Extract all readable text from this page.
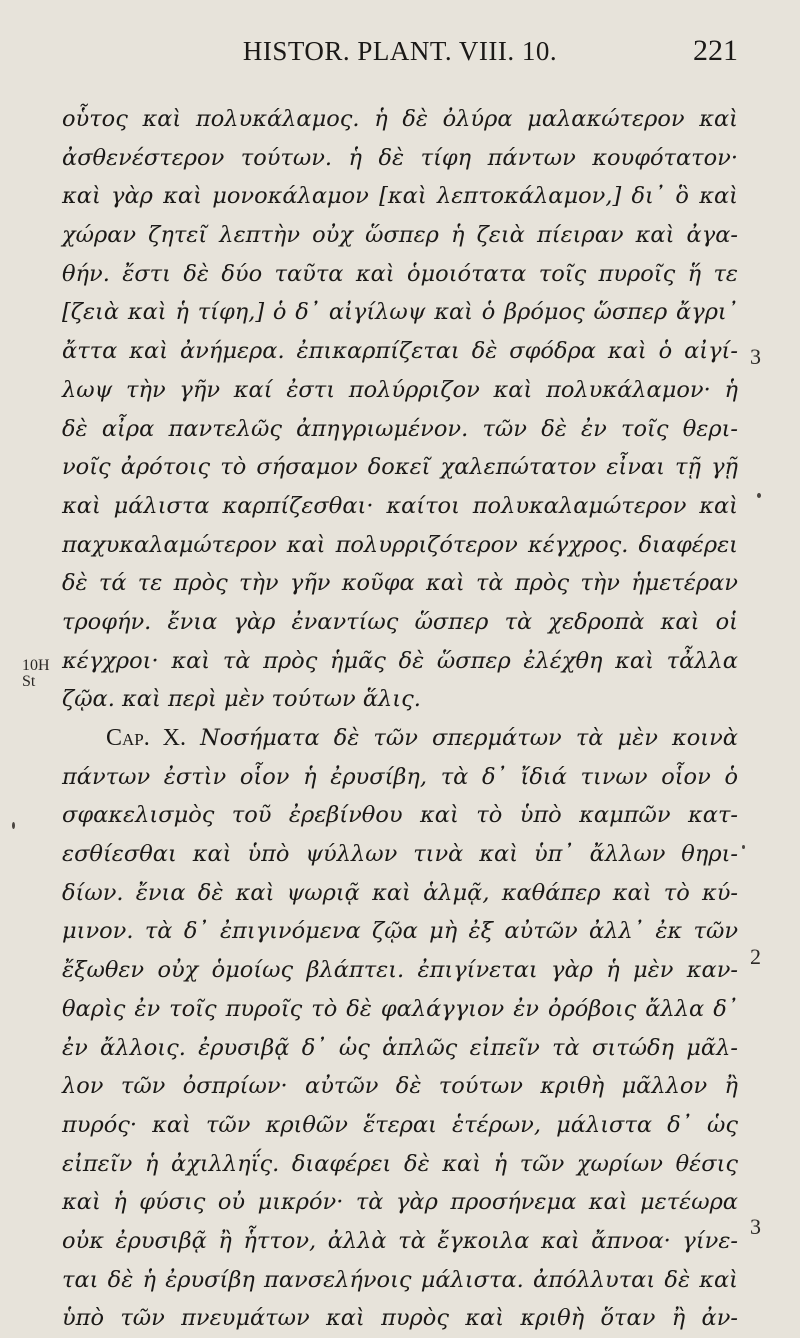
HISTOR. PLANT. VIII. 10.	221
οὗτος καὶ πολυκάλαμος. ἡ δὲ ὀλύρα μαλακώτερον καὶ
ἀσθενέστερον τούτων. ἡ δὲ τίφη πάντων κουφότατον·
καὶ γὰρ καὶ μονοκάλαμον [καὶ λεπτοκάλαμον,] δι᾿ ὃ καὶ
χώραν ζητεῖ λεπτὴν οὐχ ὥσπερ ἡ ζειὰ πίειραν καὶ ἀγα-
θήν. ἔστι δὲ δύο ταῦτα καὶ ὁμοιότατα τοῖς πυροῖς ἥ τε
[ζειὰ καὶ ἡ τίφη,] ὁ δ᾿ αἰγίλωψ καὶ ὁ βρόμος ὥσπερ ἄγρι᾿
ἄττα καὶ ἀνήμερα. ἐπικαρπίζεται δὲ σφόδρα καὶ ὁ αἰγί-
λωψ τὴν γῆν καί ἐστι πολύρριζον καὶ πολυκάλαμον· ἡ
δὲ αἶρα παντελῶς ἀπηγριωμένον. τῶν δὲ ἐν τοῖς θερι-
νοῖς ἀρότοις τὸ σήσαμον δοκεῖ χαλεπώτατον εἶναι τῇ γῇ
καὶ μάλιστα καρπίζεσθαι· καίτοι πολυκαλαμώτερον καὶ
παχυκαλαμώτερον καὶ πολυρριζότερον κέγχρος. διαφέρει
δὲ τά τε πρὸς τὴν γῆν κοῦφα καὶ τὰ πρὸς τὴν ἡμετέραν
τροφήν. ἔνια γὰρ ἐναντίως ὥσπερ τὰ χεδροπὰ καὶ οἱ
κέγχροι· καὶ τὰ πρὸς ἡμᾶς δὲ ὥσπερ ἐλέχθη καὶ τἆλλα
ζῷα. καὶ περὶ μὲν τούτων ἅλις.
Cap. X. Νοσήματα δὲ τῶν σπερμάτων τὰ μὲν κοινὰ
πάντων ἐστὶν οἷον ἡ ἐρυσίβη, τὰ δ᾿ ἴδιά τινων οἷον ὁ
σφακελισμὸς τοῦ ἐρεβίνθου καὶ τὸ ὑπὸ καμπῶν κατ-
εσθίεσθαι καὶ ὑπὸ ψύλλων τινὰ καὶ ὑπ᾿ ἄλλων θηρι-
δίων. ἔνια δὲ καὶ ψωριᾷ καὶ ἁλμᾷ, καθάπερ καὶ τὸ κύ-
μινον. τὰ δ᾿ ἐπιγινόμενα ζῷα μὴ ἐξ αὐτῶν ἀλλ᾿ ἐκ τῶν
ἔξωθεν οὐχ ὁμοίως βλάπτει. ἐπιγίνεται γὰρ ἡ μὲν καν-
θαρὶς ἐν τοῖς πυροῖς τὸ δὲ φαλάγγιον ἐν ὀρόβοις ἄλλα δ᾿
ἐν ἄλλοις. ἐρυσιβᾷ δ᾿ ὡς ἁπλῶς εἰπεῖν τὰ σιτώδη μᾶλ-
λον τῶν ὀσπρίων· αὐτῶν δὲ τούτων κριθὴ μᾶλλον ἢ
πυρός· καὶ τῶν κριθῶν ἕτεραι ἑτέρων, μάλιστα δ᾿ ὡς
εἰπεῖν ἡ ἀχιλληΐς. διαφέρει δὲ καὶ ἡ τῶν χωρίων θέσις
καὶ ἡ φύσις οὐ μικρόν· τὰ γὰρ προσήνεμα καὶ μετέωρα
οὐκ ἐρυσιβᾷ ἢ ἧττον, ἀλλὰ τὰ ἔγκοιλα καὶ ἄπνοα· γίνε-
ται δὲ ἡ ἐρυσίβη πανσελήνοις μάλιστα. ἀπόλλυται δὲ καὶ
ὑπὸ τῶν πνευμάτων καὶ πυρὸς καὶ κριθὴ ὅταν ἢ ἀν-
10H
St
3
2
3
